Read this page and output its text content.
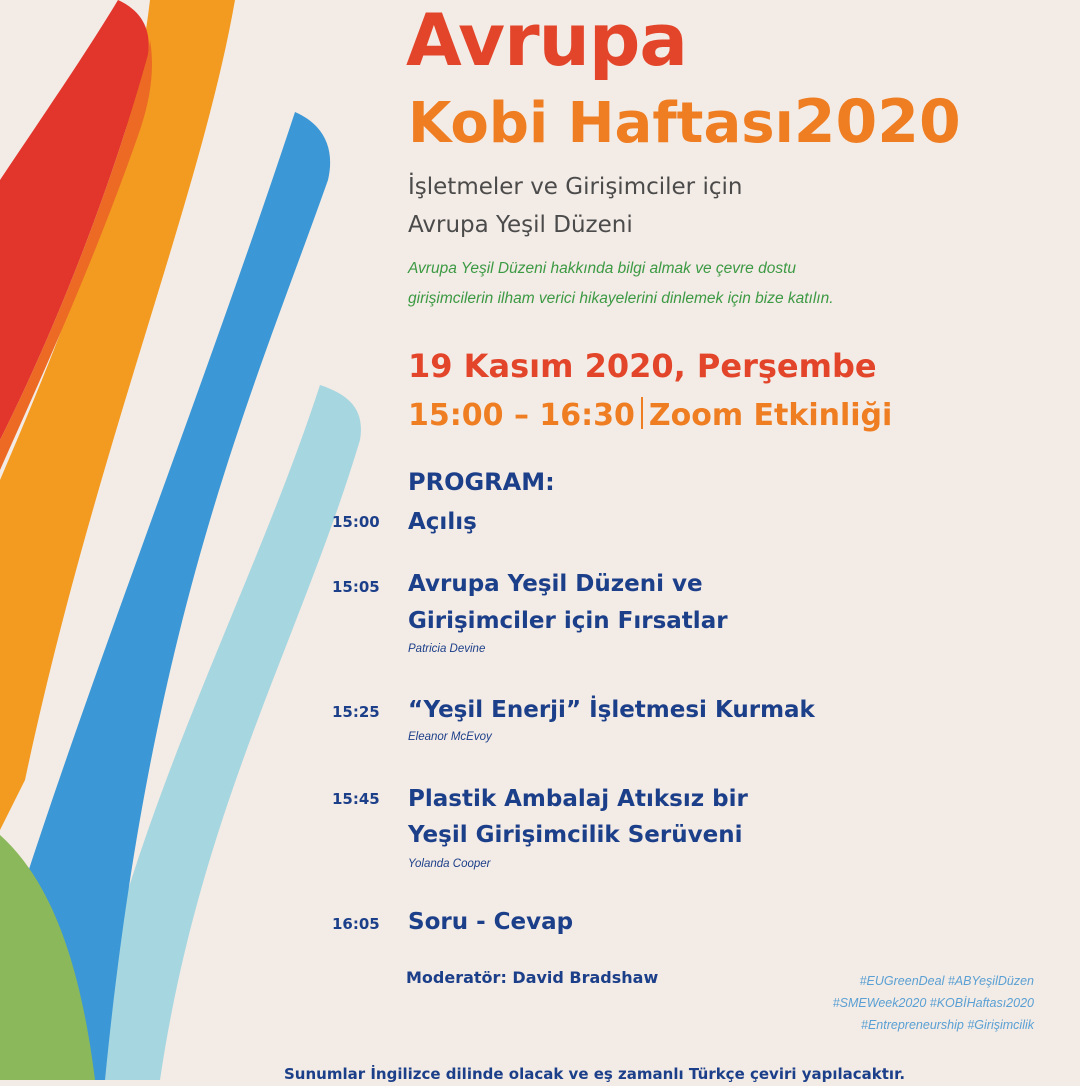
Avrupa
Kobi Haftası2020
İşletmeler ve Girişimciler için
Avrupa Yeşil Düzeni
Avrupa Yeşil Düzeni hakkında bilgi almak ve çevre dostu
girişimcilerin ilham verici hikayelerini dinlemek için bize katılın.
19 Kasım 2020, Perşembe
15:00 – 16:30 Zoom Etkinliği
PROGRAM:
15:00 Açılış
15:05 Avrupa Yeşil Düzeni ve
Girişimciler için Fırsatlar
Patricia Devine
15:25 “Yeşil Enerji” İşletmesi Kurmak
Eleanor McEvoy
15:45 Plastik Ambalaj Atıksız bir
Yeşil Girişimcilik Serüveni
Yolanda Cooper
16:05 Soru - Cevap
Moderatör: David Bradshaw	#EUGreenDeal #ABYeşilDüzen
#SMEWeek2020 #KOBİHaftası2020
#Entrepreneurship #Girişimcilik
Sunumlar İngilizce dilinde olacak ve eş zamanlı Türkçe çeviri yapılacaktır.
